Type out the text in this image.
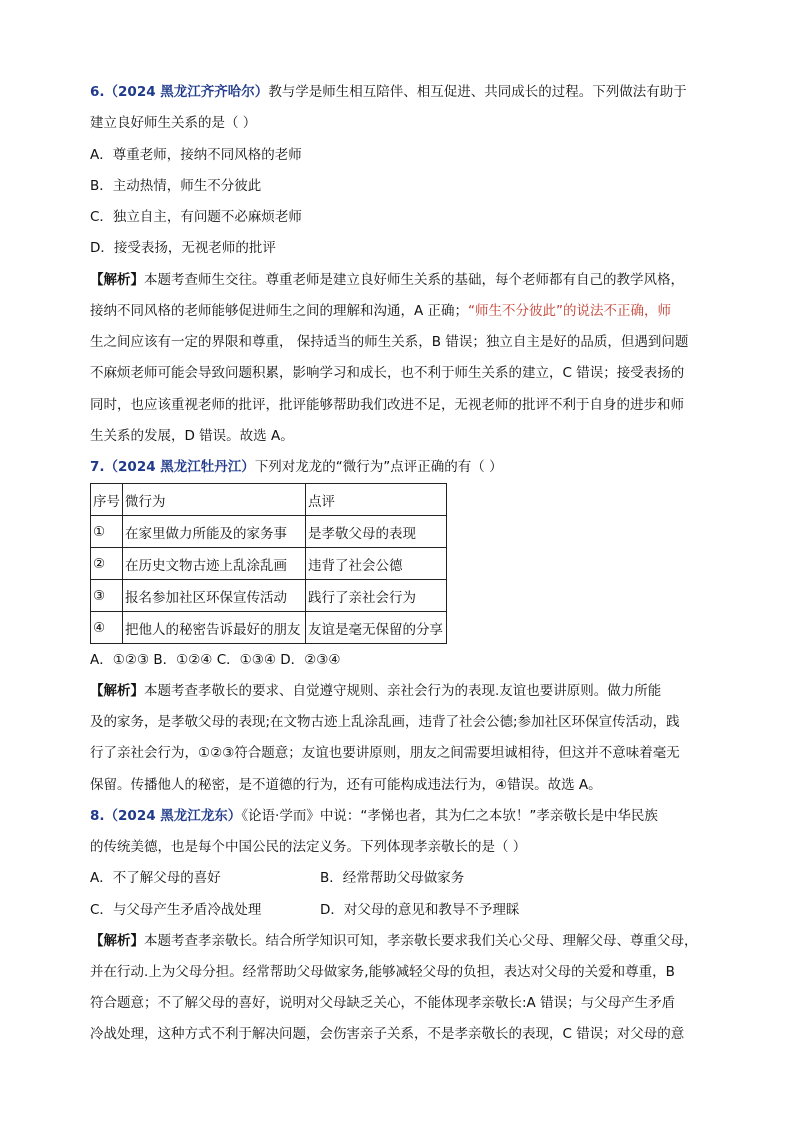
6.（2024 黑龙江齐齐哈尔）教与学是师生相互陪伴、相互促进、共同成长的过程。下列做法有助于
建立良好师生关系的是（ ）
A．尊重老师，接纳不同风格的老师
B．主动热情，师生不分彼此
C．独立自主，有问题不必麻烦老师
D．接受表扬，无视老师的批评
【解析】本题考查师生交往。尊重老师是建立良好师生关系的基础，每个老师都有自己的教学风格，
接纳不同风格的老师能够促进师生之间的理解和沟通，A 正确；“师生不分彼此”的说法不正确，师
生之间应该有一定的界限和尊重， 保持适当的师生关系，B 错误；独立自主是好的品质，但遇到问题
不麻烦老师可能会导致问题积累，影响学习和成长，也不利于师生关系的建立，C 错误；接受表扬的
同时，也应该重视老师的批评，批评能够帮助我们改进不足，无视老师的批评不利于自身的进步和师
生关系的发展，D 错误。故选 A。
7.（2024 黑龙江牡丹江）下列对龙龙的“微行为”点评正确的有（ ）
序号	微行为	点评
①	在家里做力所能及的家务事	是孝敬父母的表现
②	在历史文物古迹上乱涂乱画	违背了社会公德
③	报名参加社区环保宣传活动	践行了亲社会行为
④	把他人的秘密告诉最好的朋友	友谊是毫无保留的分享
A．①②③ B．①②④ C．①③④ D．②③④
【解析】本题考查孝敬长的要求、自觉遵守规则、亲社会行为的表现.友谊也要讲原则。做力所能
及的家务，是孝敬父母的表现;在文物古迹上乱涂乱画，违背了社会公德;参加社区环保宣传活动，践
行了亲社会行为，①②③符合题意；友谊也要讲原则，朋友之间需要坦诚相待，但这并不意味着毫无
保留。传播他人的秘密，是不道德的行为，还有可能构成违法行为，④错误。故选 A。
8.（2024 黑龙江龙东）《论语·学而》中说：“孝悌也者，其为仁之本欤！”孝亲敬长是中华民族
的传统美德，也是每个中国公民的法定义务。下列体现孝亲敬长的是（ ）
A．不了解父母的喜好	B．经常帮助父母做家务
C．与父母产生矛盾冷战处理	D．对父母的意见和教导不予理睬
【解析】本题考查孝亲敬长。结合所学知识可知，孝亲敬长要求我们关心父母、理解父母、尊重父母，
并在行动.上为父母分担。经常帮助父母做家务,能够减轻父母的负担，表达对父母的关爱和尊重，B
符合题意；不了解父母的喜好，说明对父母缺乏关心，不能体现孝亲敬长:A 错误；与父母产生矛盾
冷战处理，这种方式不利于解决问题，会伤害亲子关系，不是孝亲敬长的表现，C 错误；对父母的意
